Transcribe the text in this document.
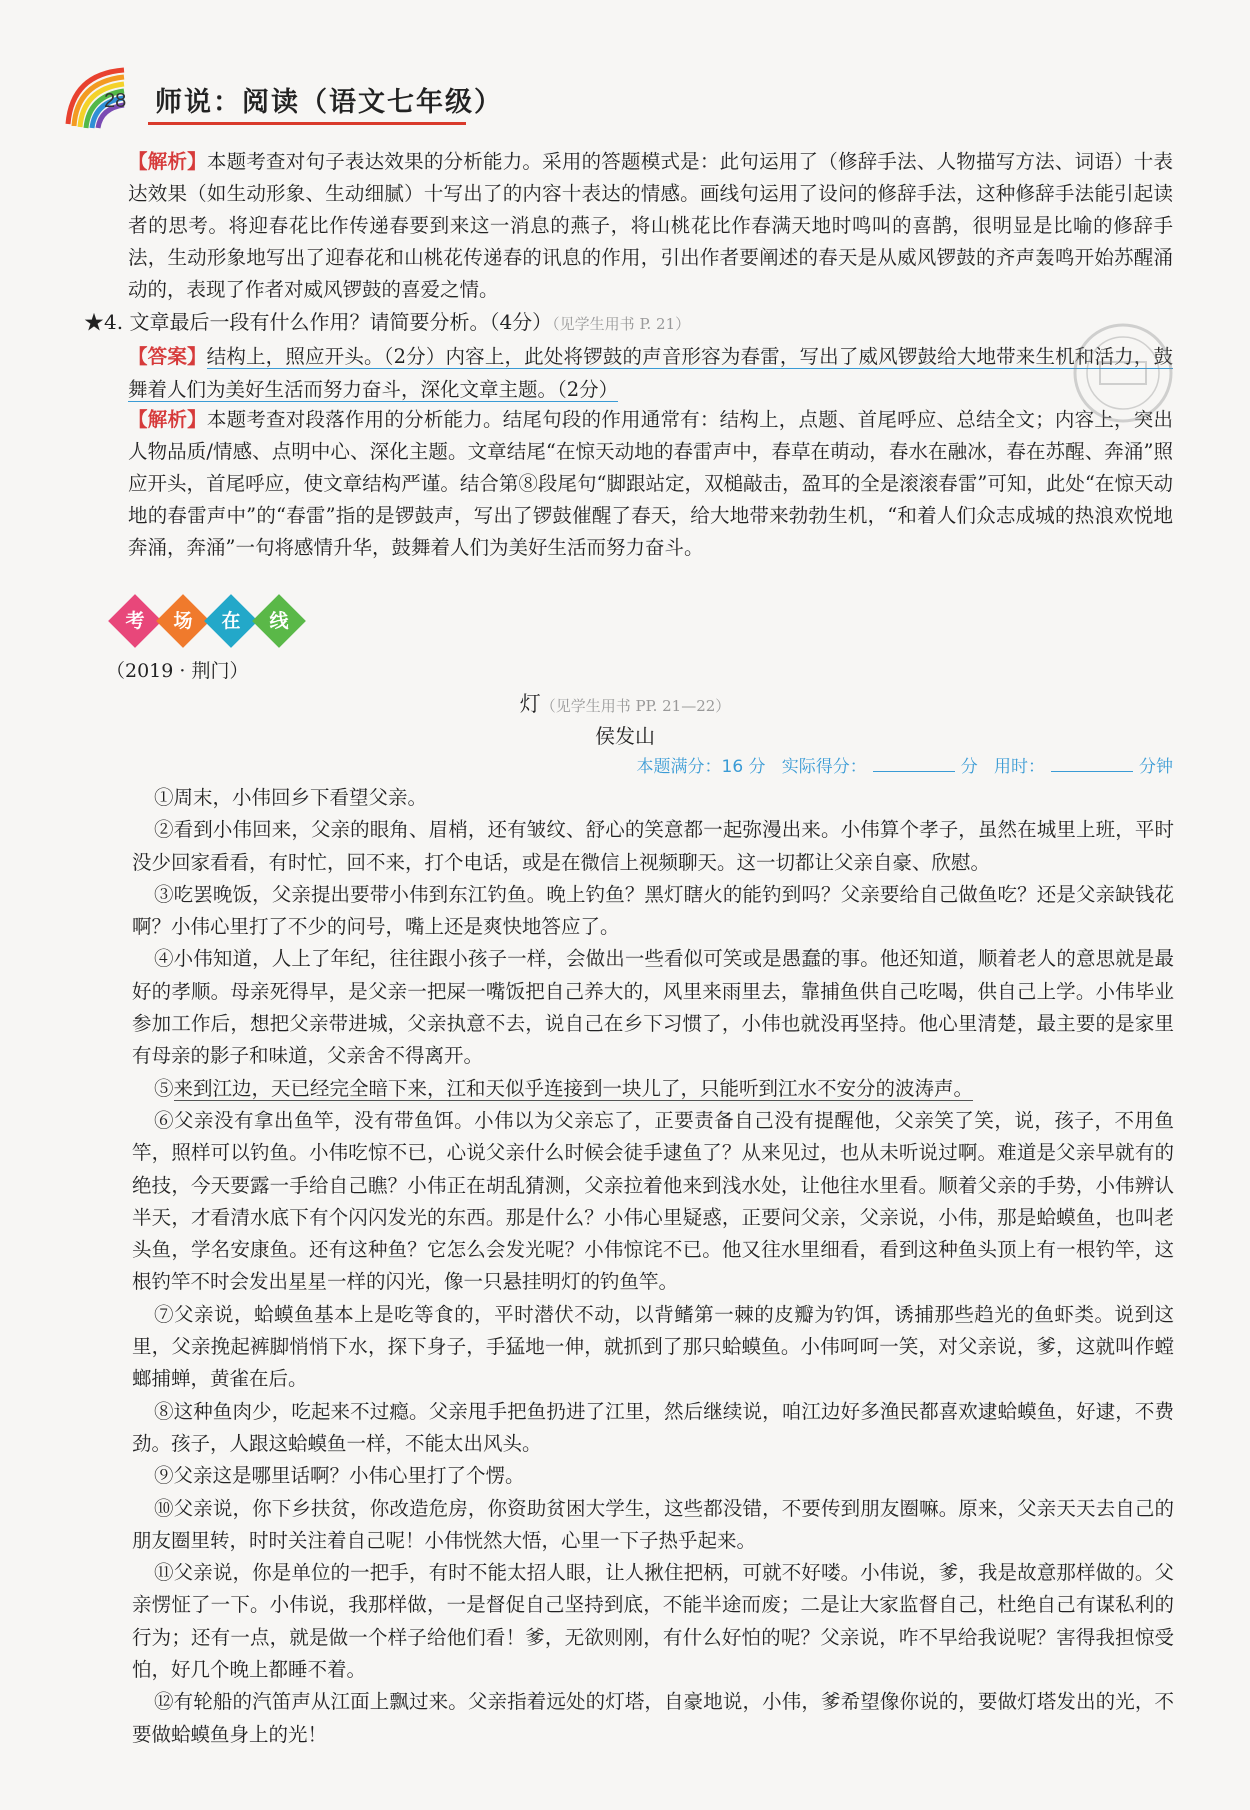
28 师说：阅读（语文七年级）
【解析】本题考查对句子表达效果的分析能力。采用的答题模式是：此句运用了（修辞手法、人物描写方法、词语）十表达效果（如生动形象、生动细腻）十写出了的内容十表达的情感。画线句运用了设问的修辞手法，这种修辞手法能引起读者的思考。将迎春花比作传递春要到来这一消息的燕子，将山桃花比作春满天地时鸣叫的喜鹊，很明显是比喻的修辞手法，生动形象地写出了迎春花和山桃花传递春的讯息的作用，引出作者要阐述的春天是从威风锣鼓的齐声轰鸣开始苏醒涌动的，表现了作者对威风锣鼓的喜爱之情。
★4. 文章最后一段有什么作用？请简要分析。（4分）（见学生用书 P. 21）
【答案】结构上，照应开头。（2分）内容上，此处将锣鼓的声音形容为春雷，写出了威风锣鼓给大地带来生机和活力，鼓舞着人们为美好生活而努力奋斗，深化文章主题。（2分）
【解析】本题考查对段落作用的分析能力。结尾句段的作用通常有：结构上，点题、首尾呼应、总结全文；内容上，突出人物品质/情感、点明中心、深化主题。文章结尾“在惊天动地的春雷声中，春草在萌动，春水在融冰，春在苏醒、奔涌”照应开头，首尾呼应，使文章结构严谨。结合第⑧段尾句“脚跟站定，双槌敲击，盈耳的全是滚滚春雷”可知，此处“在惊天动地的春雷声中”的“春雷”指的是锣鼓声，写出了锣鼓催醒了春天，给大地带来勃勃生机，“和着人们众志成城的热浪欢悦地奔涌，奔涌”一句将感情升华，鼓舞着人们为美好生活而努力奋斗。
考	场	在	线
（2019 · 荆门）
灯（见学生用书 PP. 21—22）
侯发山
本题满分：16 分 实际得分：	分 用时：	分钟

①周末，小伟回乡下看望父亲。

②看到小伟回来，父亲的眼角、眉梢，还有皱纹、舒心的笑意都一起弥漫出来。小伟算个孝子，虽然在城里上班，平时没少回家看看，有时忙，回不来，打个电话，或是在微信上视频聊天。这一切都让父亲自豪、欣慰。

③吃罢晚饭，父亲提出要带小伟到东江钓鱼。晚上钓鱼？黑灯瞎火的能钓到吗？父亲要给自己做鱼吃？还是父亲缺钱花啊？小伟心里打了不少的问号，嘴上还是爽快地答应了。

④小伟知道，人上了年纪，往往跟小孩子一样，会做出一些看似可笑或是愚蠢的事。他还知道，顺着老人的意思就是最好的孝顺。母亲死得早，是父亲一把屎一嘴饭把自己养大的，风里来雨里去，靠捕鱼供自己吃喝，供自己上学。小伟毕业参加工作后，想把父亲带进城，父亲执意不去，说自己在乡下习惯了，小伟也就没再坚持。他心里清楚，最主要的是家里有母亲的影子和味道，父亲舍不得离开。

⑤来到江边，天已经完全暗下来，江和天似乎连接到一块儿了，只能听到江水不安分的波涛声。

⑥父亲没有拿出鱼竿，没有带鱼饵。小伟以为父亲忘了，正要责备自己没有提醒他，父亲笑了笑，说，孩子，不用鱼竿，照样可以钓鱼。小伟吃惊不已，心说父亲什么时候会徒手逮鱼了？从来见过，也从未听说过啊。难道是父亲早就有的绝技，今天要露一手给自己瞧？小伟正在胡乱猜测，父亲拉着他来到浅水处，让他往水里看。顺着父亲的手势，小伟辨认半天，才看清水底下有个闪闪发光的东西。那是什么？小伟心里疑惑，正要问父亲，父亲说，小伟，那是蛤蟆鱼，也叫老头鱼，学名安康鱼。还有这种鱼？它怎么会发光呢？小伟惊诧不已。他又往水里细看，看到这种鱼头顶上有一根钓竿，这根钓竿不时会发出星星一样的闪光，像一只悬挂明灯的钓鱼竿。

⑦父亲说，蛤蟆鱼基本上是吃等食的，平时潜伏不动，以背鳍第一棘的皮瓣为钓饵，诱捕那些趋光的鱼虾类。说到这里，父亲挽起裤脚悄悄下水，探下身子，手猛地一伸，就抓到了那只蛤蟆鱼。小伟呵呵一笑，对父亲说，爹，这就叫作螳螂捕蝉，黄雀在后。

⑧这种鱼肉少，吃起来不过瘾。父亲甩手把鱼扔进了江里，然后继续说，咱江边好多渔民都喜欢逮蛤蟆鱼，好逮，不费劲。孩子，人跟这蛤蟆鱼一样，不能太出风头。

⑨父亲这是哪里话啊？小伟心里打了个愣。

⑩父亲说，你下乡扶贫，你改造危房，你资助贫困大学生，这些都没错，不要传到朋友圈嘛。原来，父亲天天去自己的朋友圈里转，时时关注着自己呢！小伟恍然大悟，心里一下子热乎起来。

⑪父亲说，你是单位的一把手，有时不能太招人眼，让人揪住把柄，可就不好喽。小伟说，爹，我是故意那样做的。父亲愣怔了一下。小伟说，我那样做，一是督促自己坚持到底，不能半途而废；二是让大家监督自己，杜绝自己有谋私利的行为；还有一点，就是做一个样子给他们看！爹，无欲则刚，有什么好怕的呢？父亲说，咋不早给我说呢？害得我担惊受怕，好几个晚上都睡不着。

⑫有轮船的汽笛声从江面上飘过来。父亲指着远处的灯塔，自豪地说，小伟，爹希望像你说的，要做灯塔发出的光，不要做蛤蟆鱼身上的光！
